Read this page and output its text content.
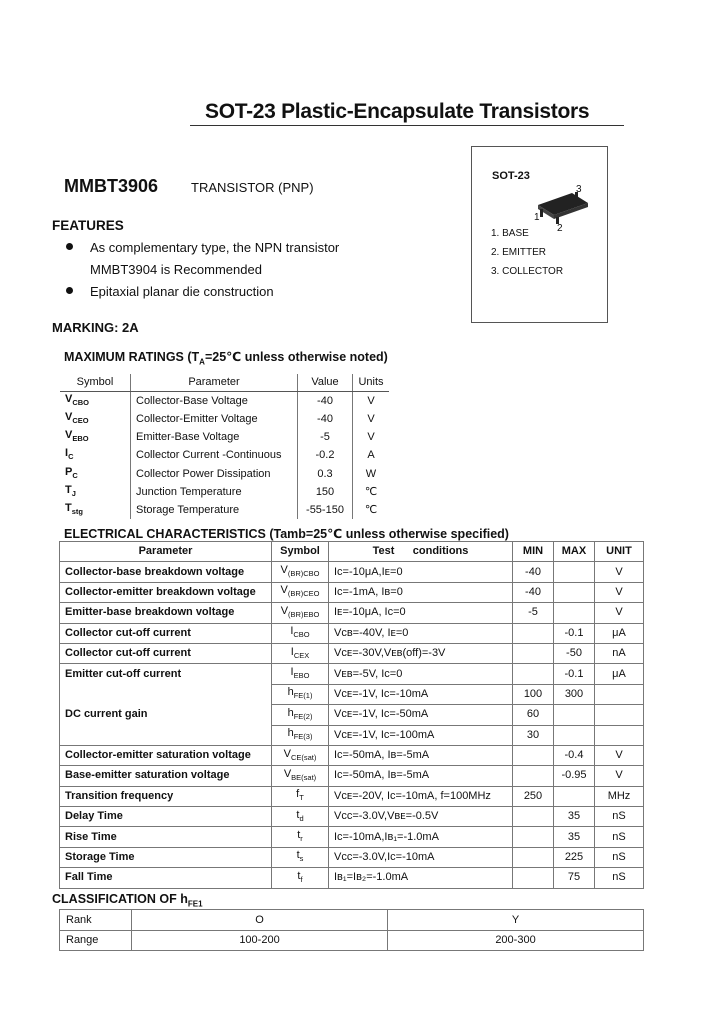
SOT-23 Plastic-Encapsulate Transistors
MMBT3906	TRANSISTOR (PNP)
SOT-23
1
2
3
1. BASE
2. EMITTER
3. COLLECTOR
FEATURES
As complementary type, the NPN transistor
MMBT3904 is Recommended
Epitaxial planar die construction
MARKING: 2A
MAXIMUM RATINGS ($T_A=25℃$ unless otherwise noted)
Symbol	Parameter	Value	Units
$V_{CBO}$	Collector-Base Voltage	-40	V
$V_{CEO}$	Collector-Emitter Voltage	-40	V
$V_{EBO}$	Emitter-Base Voltage	-5	V
$I_C$	Collector Current -Continuous	-0.2	A
$P_C$	Collector Power Dissipation	0.3	W
$T_J$	Junction Temperature	150	℃
$T_{stg}$	Storage Temperature	-55-150	℃
ELECTRICAL CHARACTERISTICS (Tamb=25℃ unless otherwise specified)
Parameter	Symbol	Test      conditions	MIN	MAX	UNIT
Collector-base breakdown voltage	$V_{(BR)CBO}$	Iᴄ=-10μA,Iᴇ=0	-40		V
Collector-emitter breakdown voltage	$V_{(BR)CEO}$	Iᴄ=-1mA, Iʙ=0	-40		V
Emitter-base breakdown voltage	$V_{(BR)EBO}$	Iᴇ=-10μA, Iᴄ=0	-5		V
Collector cut-off current	$I_{CBO}$	Vᴄʙ=-40V, Iᴇ=0		-0.1	μA
Collector cut-off current	$I_{CEX}$	Vᴄᴇ=-30V,Vᴇʙ(off)=-3V		-50	nA
Emitter cut-off current	$I_{EBO}$	Vᴇʙ=-5V, Iᴄ=0		-0.1	μA
	$h_{FE(1)}$	Vᴄᴇ=-1V, Iᴄ=-10mA	100	300	
DC current gain	$h_{FE(2)}$	Vᴄᴇ=-1V, Iᴄ=-50mA	60		
	$h_{FE(3)}$	Vᴄᴇ=-1V, Iᴄ=-100mA	30		
Collector-emitter saturation voltage	$V_{CE(sat)}$	Iᴄ=-50mA, Iʙ=-5mA		-0.4	V
Base-emitter saturation voltage	$V_{BE(sat)}$	Iᴄ=-50mA, Iʙ=-5mA		-0.95	V
Transition frequency	$f_T$	Vᴄᴇ=-20V, Iᴄ=-10mA, f=100MHz	250		MHz
Delay Time	$t_d$	Vᴄᴄ=-3.0V,Vʙᴇ=-0.5V		35	nS
Rise Time	$t_r$	Iᴄ=-10mA,Iʙ₁=-1.0mA		35	nS
Storage Time	$t_s$	Vᴄᴄ=-3.0V,Iᴄ=-10mA		225	nS
Fall Time	$t_f$	Iʙ₁=Iʙ₂=-1.0mA		75	nS
CLASSIFICATION OF $h_{FE1}$
Rank	O	Y
Range	100-200	200-300
